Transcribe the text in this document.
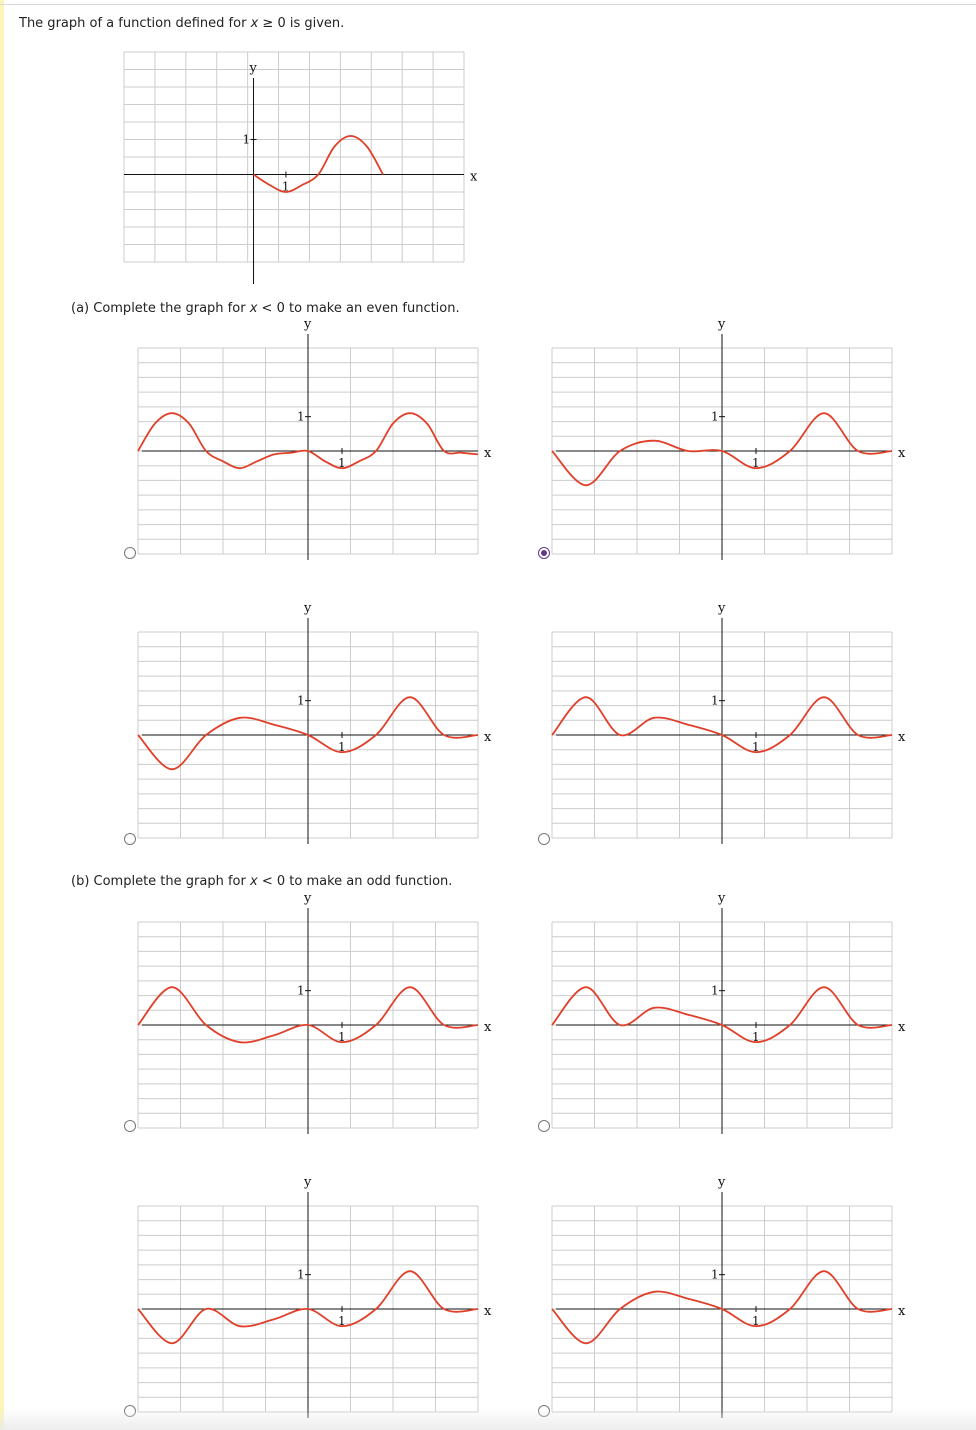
The graph of a function defined for x ≥ 0 is given.
1
1
x
y
(a) Complete the graph for x < 0 to make an even function.
1
1
x
y
1
1
x
y
1
1
x
y
1
1
x
y
(b) Complete the graph for x < 0 to make an odd function.
1
1
x
y
1
1
x
y
1
1
x
y
1
1
x
y
